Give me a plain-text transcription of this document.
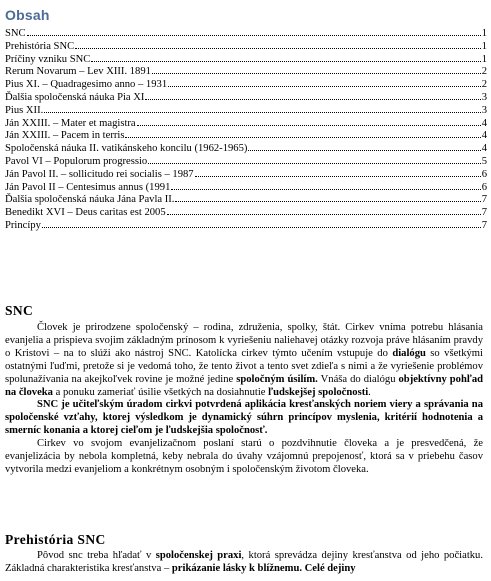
Obsah
SNC	1
Prehistória SNC	1
Príčiny vzniku SNC	1
Rerum Novarum – Lev XIII. 1891	2
Pius XI. – Quadragesimo anno – 1931	2
Ďalšia spoločenská náuka Pia XI	3
Pius XII.	3
Ján XXIII. – Mater et magistra	4
Ján XXIII. – Pacem in terris	4
Spoločenská náuka II. vatikánskeho koncilu (1962-1965)	4
Pavol VI – Populorum progressio	5
Ján Pavol II. – sollicitudo rei socialis – 1987	6
Ján Pavol II – Centesimus annus (1991	6
Ďalšia spoločenská náuka Jána Pavla II.	7
Benedikt XVI – Deus caritas est 2005	7
Princípy	7
SNC

Človek je prirodzene spoločenský – rodina, združenia, spolky, štát. Cirkev vníma potrebu hlásania evanjelia a prispieva svojim základným prínosom k vyriešeniu naliehavej otázky rozvoja práve hlásaním pravdy o Kristovi – na to slúži ako nástroj SNC. Katolícka cirkev týmto učením vstupuje do dialógu so všetkými ostatnými ľuďmi, pretože si je vedomá toho, že tento život a tento svet zdieľa s nimi a že vyriešenie problémov spolunažívania na akejkoľvek rovine je možné jedine spoločným úsilím. Vnáša do dialógu objektívny pohľad na človeka a ponuku zameriať úsilie všetkých na dosiahnutie ľudskejšej spoločnosti.

SNC je učiteľským úradom cirkvi potvrdená aplikácia kresťanských noriem viery a správania na spoločenské vzťahy, ktorej výsledkom je dynamický súhrn princípov myslenia, kritérií hodnotenia a smerníc konania a ktorej cieľom je ľudskejšia spoločnosť.

Cirkev vo svojom evanjelizačnom poslaní starú o pozdvihnutie človeka a je presvedčená, že evanjelizácia by nebola kompletná, keby nebrala do úvahy vzájomnú prepojenosť, ktorá sa v priebehu časov vytvorila medzi evanjeliom a konkrétnym osobným i spoločenským životom človeka.

Prehistória SNC

Pôvod snc treba hľadať v spoločenskej praxi, ktorá sprevádza dejiny kresťanstva od jeho počiatku. Základná charakteristika kresťanstva – prikázanie lásky k blížnemu. Celé dejiny
